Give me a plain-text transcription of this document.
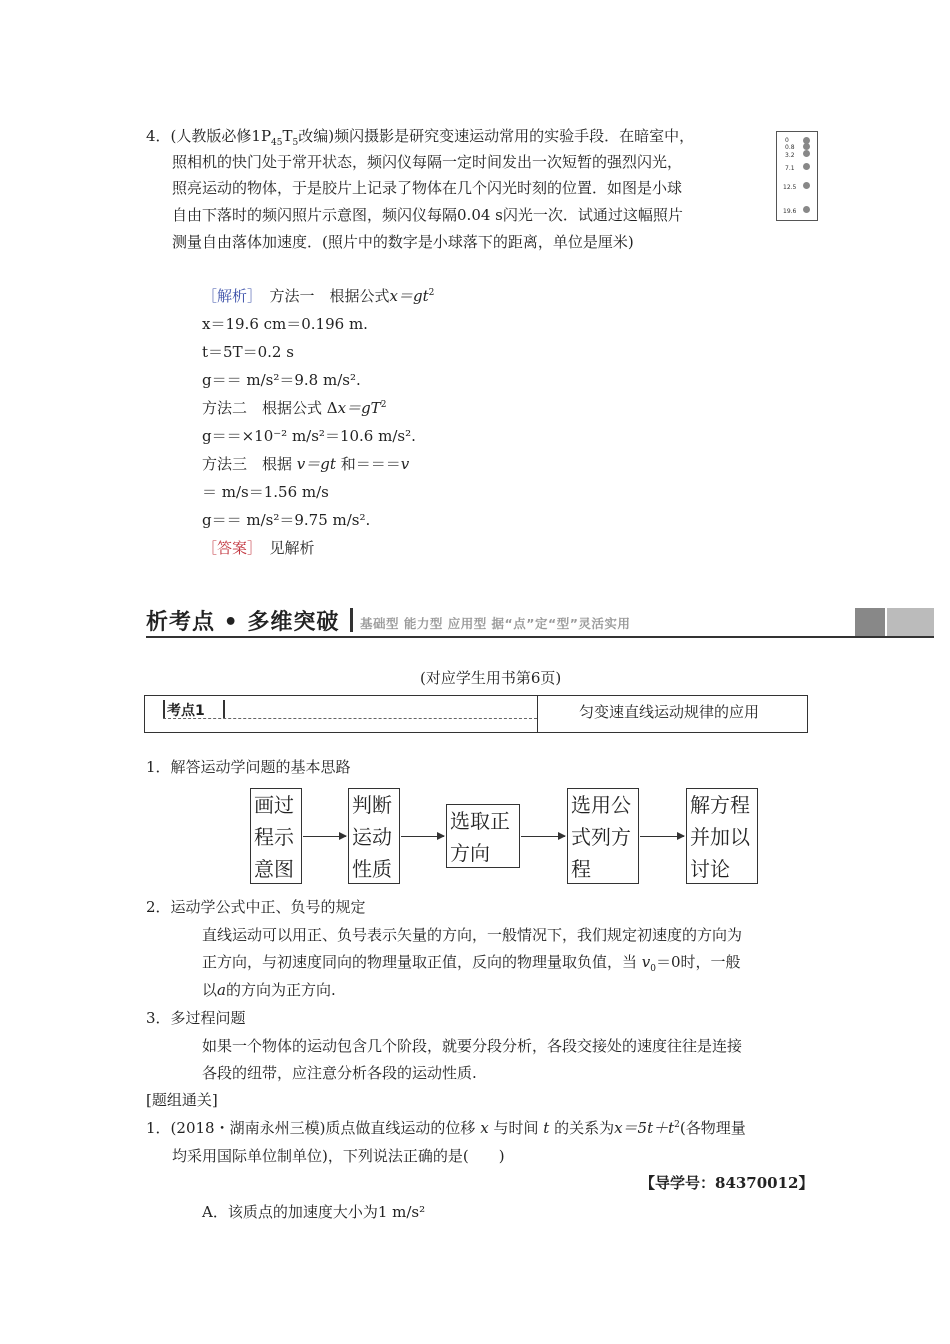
4．(人教版必修$1P_{45}T_5$改编)频闪摄影是研究变速运动常用的实验手段．在暗室中，
照相机的快门处于常开状态，频闪仪每隔一定时间发出一次短暂的强烈闪光，
照亮运动的物体，于是胶片上记录了物体在几个闪光时刻的位置．如图是小球
自由下落时的频闪照片示意图，频闪仪每隔0.04 s闪光一次．试通过这幅照片
测量自由落体加速度．(照片中的数字是小球落下的距离，单位是厘米)
0
0.8
3.2
7.1
12.5
19.6
［解析］　 方法一　根据公式$x=gt^2$
x＝19.6 cm＝0.196 m.
t＝5T＝0.2 s
g＝＝ m/s²＝9.8 m/s².
方法二　根据公式 $\Delta x=gT^2$
g＝＝×10⁻² m/s²＝10.6 m/s².
方法三　根据 v＝gt 和＝＝＝v
＝ m/s＝1.56 m/s
g＝＝ m/s²＝9.75 m/s².
［答案］　 见解析
析考点 • 多维突破 基础型 能力型 应用型 据“点”定“型”灵活实用
(对应学生用书第6页)
考点1	匀变速直线运动规律的应用
1．解答运动学问题的基本思路
画过
程示
意图
判断
运动
性质
选取正
方向
选用公
式列方
程
解方程
并加以
讨论
2．运动学公式中正、负号的规定
直线运动可以用正、负号表示矢量的方向，一般情况下，我们规定初速度的方向为
正方向，与初速度同向的物理量取正值，反向的物理量取负值，当 $v_0=0$时，一般
以a的方向为正方向.
3．多过程问题
如果一个物体的运动包含几个阶段，就要分段分析，各段交接处的速度往往是连接
各段的纽带，应注意分析各段的运动性质.
[题组通关]
1．(2018・湖南永州三模)质点做直线运动的位移 x 与时间 t 的关系为$x=5t+t^2$(各物理量
均采用国际单位制单位)，下列说法正确的是(　　)
【导学号：84370012】
A．该质点的加速度大小为1 m/s²
